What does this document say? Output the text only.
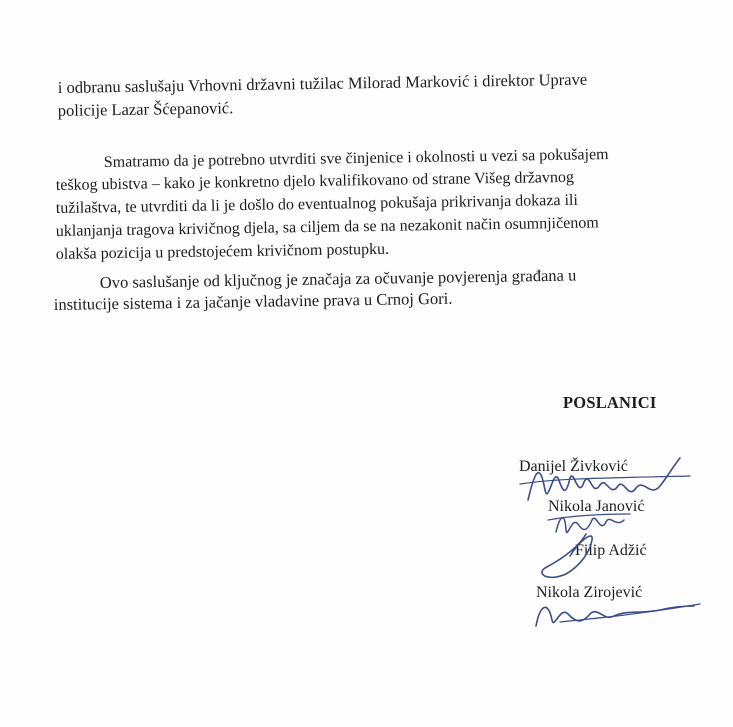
i odbranu saslušaju Vrhovni državni tužilac Milorad Marković i direktor Uprave
policije Lazar Šćepanović.
Smatramo da je potrebno utvrditi sve činjenice i okolnosti u vezi sa pokušajem
teškog ubistva – kako je konkretno djelo kvalifikovano od strane Višeg državnog
tužilaštva, te utvrditi da li je došlo do eventualnog pokušaja prikrivanja dokaza ili
uklanjanja tragova krivičnog djela, sa ciljem da se na nezakonit način osumnjičenom
olakša pozicija u predstojećem krivičnom postupku.
Ovo saslušanje od ključnog je značaja za očuvanje povjerenja građana u
institucije sistema i za jačanje vladavine prava u Crnoj Gori.
POSLANICI
Danijel Živković
Nikola Janović
Filip Adžić
Nikola Zirojević
